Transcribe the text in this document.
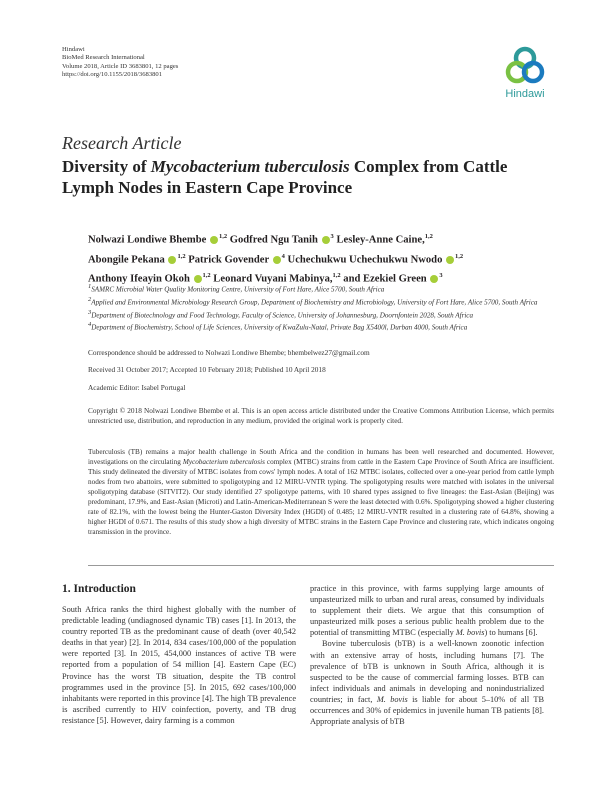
Hindawi
BioMed Research International
Volume 2018, Article ID 3683801, 12 pages
https://doi.org/10.1155/2018/3683801
Hindawi
Research Article
Diversity of Mycobacterium tuberculosis Complex from Cattle Lymph Nodes in Eastern Cape Province
Nolwazi Londiwe Bhembe $^{1,2}$ Godfred Ngu Tanih $^3$ Lesley-Anne Caine,$^{1,2}$
Abongile Pekana $^{1,2}$ Patrick Govender $^4$ Uchechukwu Uchechukwu Nwodo $^{1,2}$
Anthony Ifeayin Okoh $^{1,2}$ Leonard Vuyani Mabinya,$^{1,2}$ and Ezekiel Green $^3$
$^1$SAMRC Microbial Water Quality Monitoring Centre, University of Fort Hare, Alice 5700, South Africa
$^2$Applied and Environmental Microbiology Research Group, Department of Biochemistry and Microbiology, University of Fort Hare, Alice 5700, South Africa
$^3$Department of Biotechnology and Food Technology, Faculty of Science, University of Johannesburg, Doornfontein 2028, South Africa
$^4$Department of Biochemistry, School of Life Sciences, University of KwaZulu-Natal, Private Bag X5400l, Durban 4000, South Africa
Correspondence should be addressed to Nolwazi Londiwe Bhembe; bhembelwez27@gmail.com
Received 31 October 2017; Accepted 10 February 2018; Published 10 April 2018
Academic Editor: Isabel Portugal
Copyright © 2018 Nolwazi Londiwe Bhembe et al. This is an open access article distributed under the Creative Commons Attribution License, which permits unrestricted use, distribution, and reproduction in any medium, provided the original work is properly cited.
Tuberculosis (TB) remains a major health challenge in South Africa and the condition in humans has been well researched and documented. However, investigations on the circulating Mycobacterium tuberculosis complex (MTBC) strains from cattle in the Eastern Cape Province of South Africa are insufficient. This study delineated the diversity of MTBC isolates from cows' lymph nodes. A total of 162 MTBC isolates, collected over a one-year period from cattle lymph nodes from two abattoirs, were submitted to spoligotyping and 12 MIRU-VNTR typing. The spoligotyping results were matched with isolates in the universal spoligotyping database (SITVIT2). Our study identified 27 spoligotype patterns, with 10 shared types assigned to five lineages: the East-Asian (Beijing) was predominant, 17.9%, and East-Asian (Microti) and Latin-American-Mediterranean S were the least detected with 0.6%. Spoligotyping showed a higher clustering rate of 82.1%, with the lowest being the Hunter-Gaston Diversity Index (HGDI) of 0.485; 12 MIRU-VNTR resulted in a clustering rate of 64.8%, showing a higher HGDI of 0.671. The results of this study show a high diversity of MTBC strains in the Eastern Cape Province and clustering rate, which indicates ongoing transmission in the province.
1. Introduction

South Africa ranks the third highest globally with the number of predictable leading (undiagnosed dynamic TB) cases [1]. In 2013, the country reported TB as the predominant cause of death (over 40,542 deaths in that year) [2]. In 2014, 834 cases/100,000 of the population were reported [3]. In 2015, 454,000 instances of active TB were reported from a population of 54 million [4]. Eastern Cape (EC) Province has the worst TB situation, despite the TB control programmes used in the province [5]. In 2015, 692 cases/100,000 inhabitants were reported in this province [4]. The high TB prevalence is ascribed currently to HIV coinfection, poverty, and TB drug resistance [5]. However, dairy farming is a common

practice in this province, with farms supplying large amounts of unpasteurized milk to urban and rural areas, consumed by individuals to supplement their diets. We argue that this consumption of unpasteurized milk poses a serious public health problem due to the potential of transmitting MTBC (especially M. bovis) to humans [6].

Bovine tuberculosis (bTB) is a well-known zoonotic infection with an extensive array of hosts, including humans [7]. The prevalence of bTB is unknown in South Africa, although it is suspected to be the cause of commercial farming losses. BTB can infect individuals and animals in developing and nonindustrialized countries; in fact, M. bovis is liable for about 5–10% of all TB occurrences and 30% of epidemics in juvenile human TB patients [8]. Appropriate analysis of bTB
